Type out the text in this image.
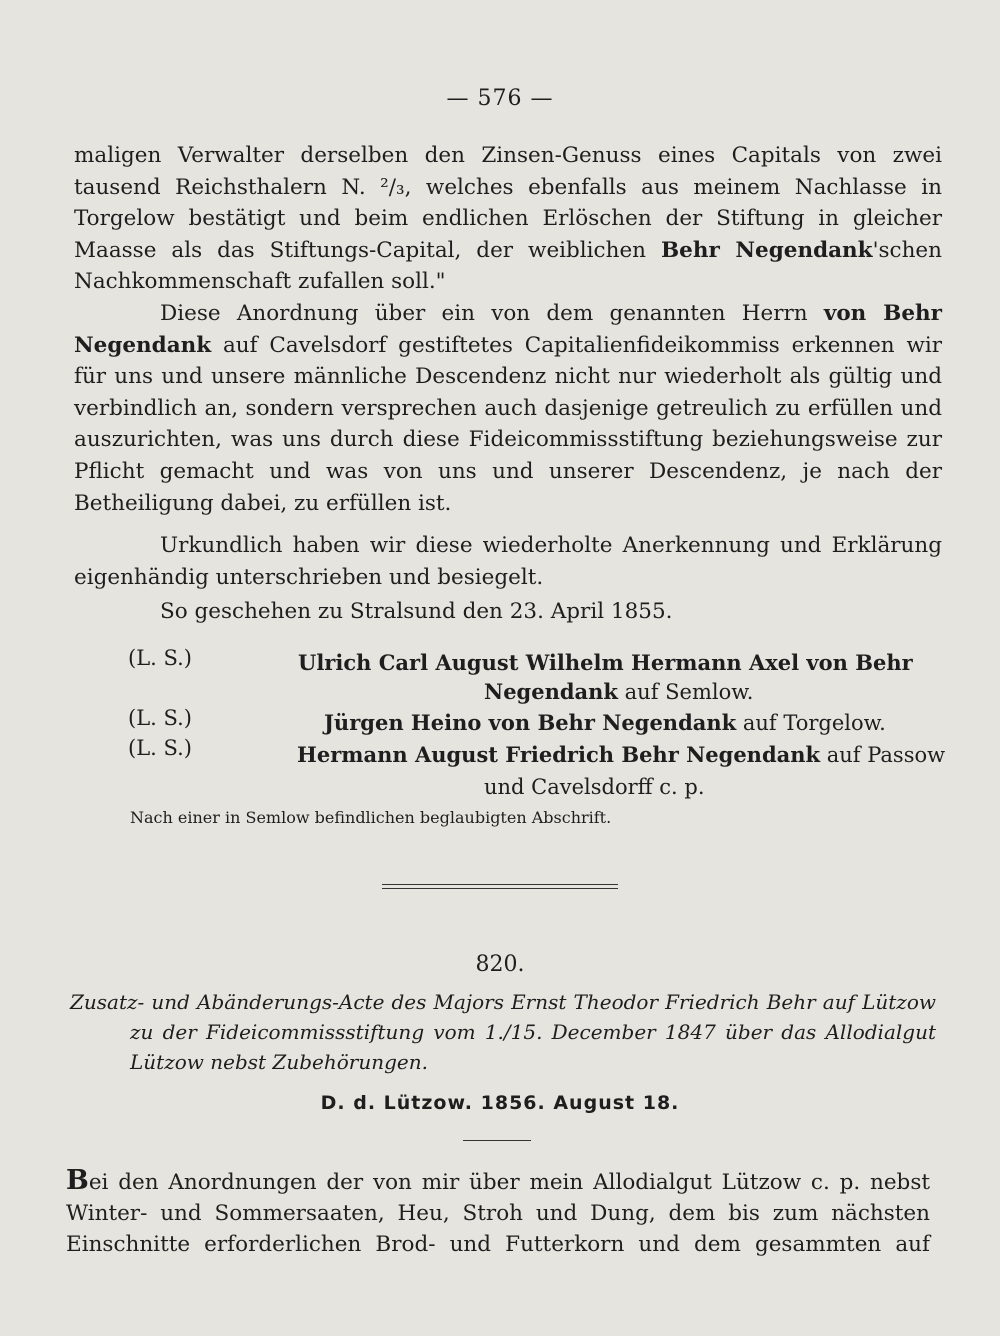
— 576 —
maligen Verwalter derselben den Zinsen-Genuss eines Capitals von zwei tausend Reichsthalern N. ²/₃, welches ebenfalls aus meinem Nachlasse in Torgelow bestätigt und beim endlichen Erlöschen der Stiftung in gleicher Maasse als das Stiftungs-Capital, der weiblichen Behr Negendank'schen Nachkommenschaft zufallen soll."
Diese Anordnung über ein von dem genannten Herrn von Behr Negendank auf Cavelsdorf gestiftetes Capitalienfideikommiss erkennen wir für uns und unsere männliche Descendenz nicht nur wiederholt als gültig und verbindlich an, sondern versprechen auch dasjenige getreulich zu erfüllen und auszurichten, was uns durch diese Fideicommissstiftung beziehungsweise zur Pflicht gemacht und was von uns und unserer Descendenz, je nach der Betheiligung dabei, zu erfüllen ist.
Urkundlich haben wir diese wiederholte Anerkennung und Erklärung eigenhändig unterschrieben und besiegelt.
So geschehen zu Stralsund den 23. April 1855.
(L. S.)	Ulrich Carl August Wilhelm Hermann Axel von Behr
Negendank auf Semlow.
(L. S.)	Jürgen Heino von Behr Negendank auf Torgelow.
(L. S.)	Hermann August Friedrich Behr Negendank auf Passow
und Cavelsdorff c. p.
Nach einer in Semlow befindlichen beglaubigten Abschrift.
820.
Zusatz- und Abänderungs-Acte des Majors Ernst Theodor Friedrich Behr auf Lützow
zu der Fideicommissstiftung vom 1./15. December 1847 über das Allodialgut
Lützow nebst Zubehörungen.
D. d. Lützow. 1856. August 18.
Bei den Anordnungen der von mir über mein Allodialgut Lützow c. p. nebst
Winter- und Sommersaaten, Heu, Stroh und Dung, dem bis zum nächsten
Einschnitte erforderlichen Brod- und Futterkorn und dem gesammten auf
